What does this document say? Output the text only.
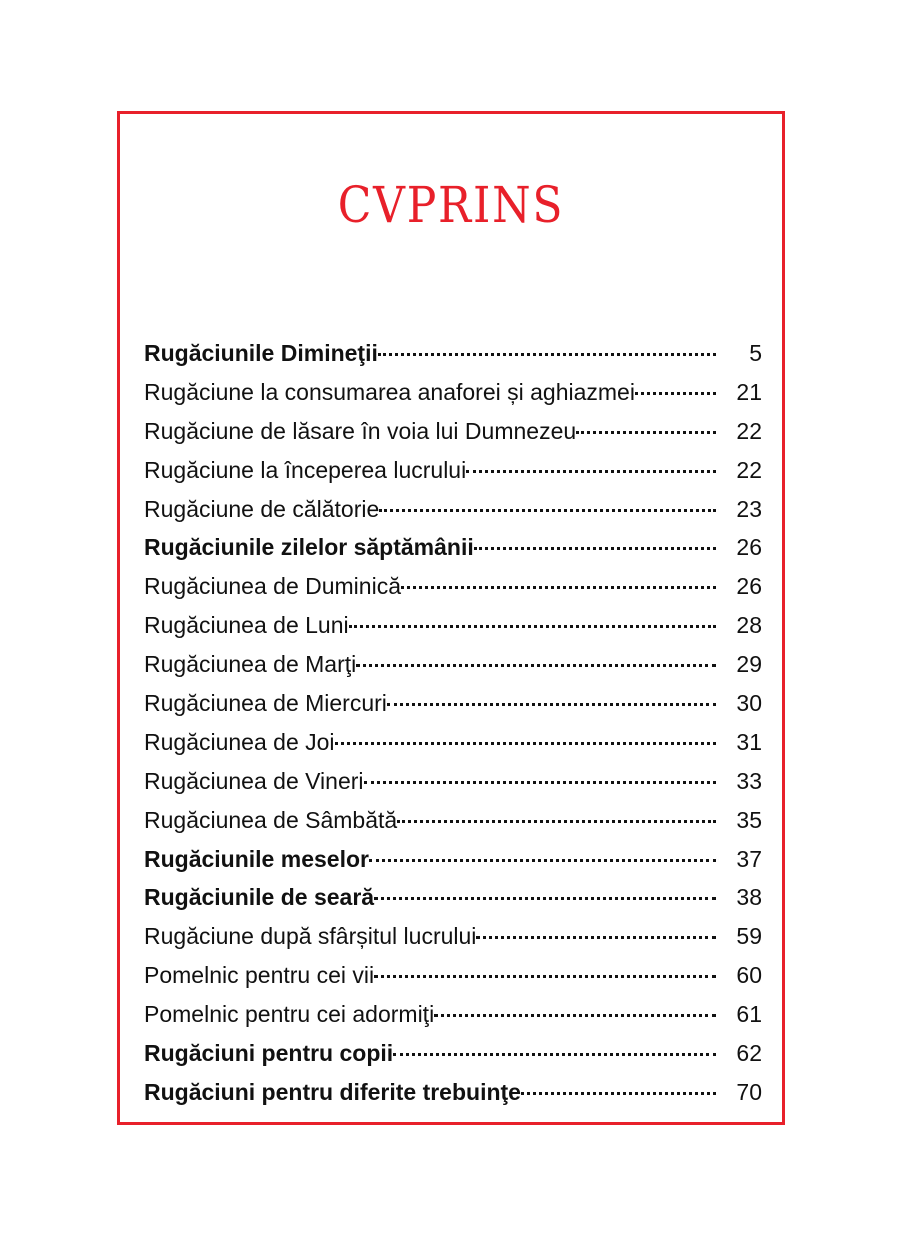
CVPRINS
Rugăciunile Dimineţii	5
Rugăciune la consumarea anaforei și aghiazmei	21
Rugăciune de lăsare în voia lui Dumnezeu	22
Rugăciune la începerea lucrului	22
Rugăciune de călătorie	23
Rugăciunile zilelor săptămânii	26
Rugăciunea de Duminică	26
Rugăciunea de Luni	28
Rugăciunea de Marţi	29
Rugăciunea de Miercuri	30
Rugăciunea de Joi	31
Rugăciunea de Vineri	33
Rugăciunea de Sâmbătă	35
Rugăciunile meselor	37
Rugăciunile de seară	38
Rugăciune după sfârșitul lucrului	59
Pomelnic pentru cei vii	60
Pomelnic pentru cei adormiţi	61
Rugăciuni pentru copii	62
Rugăciuni pentru diferite trebuinţe	70
